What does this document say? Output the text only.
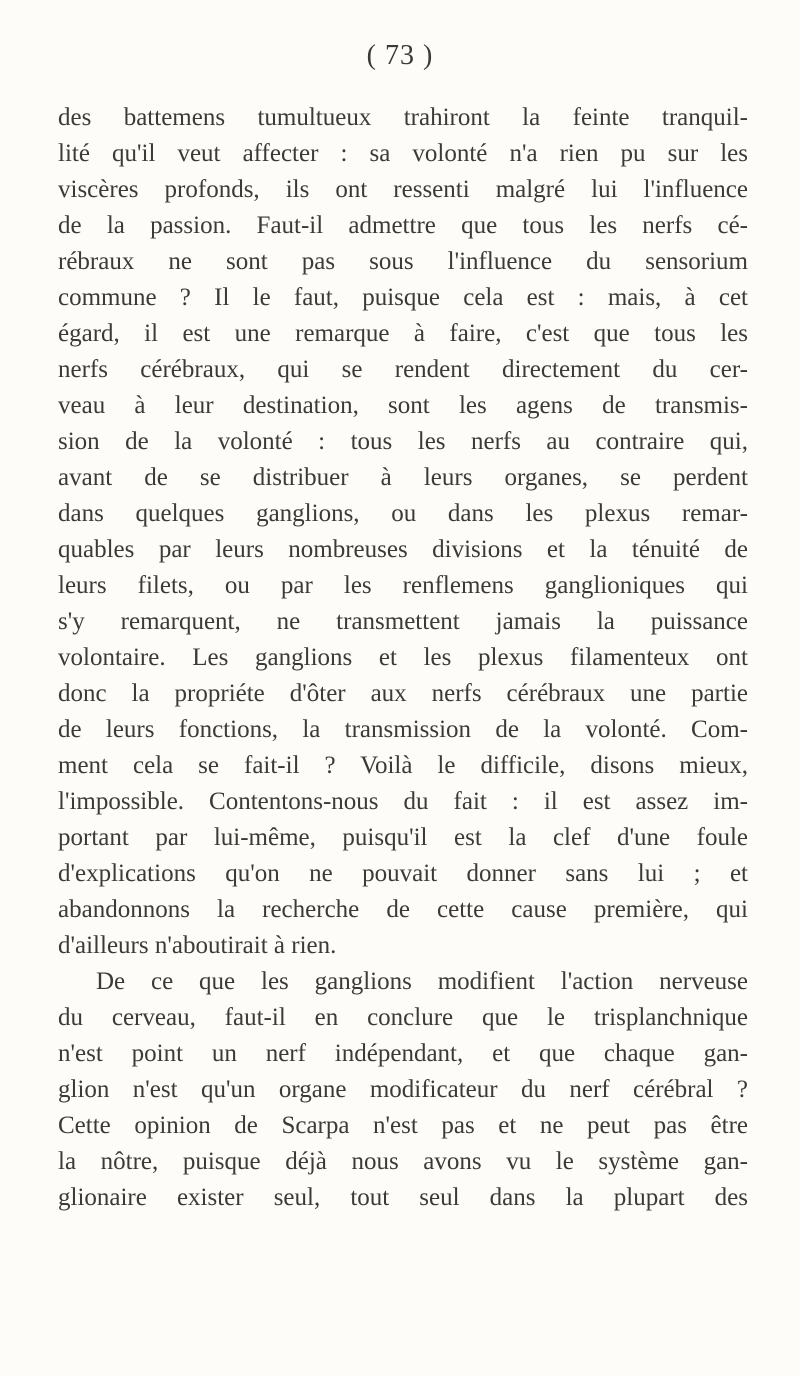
( 73 )
des battemens tumultueux trahiront la feinte tranquil-
lité qu'il veut affecter : sa volonté n'a rien pu sur les
viscères profonds, ils ont ressenti malgré lui l'influence
de la passion. Faut-il admettre que tous les nerfs cé-
rébraux ne sont pas sous l'influence du sensorium
commune ? Il le faut, puisque cela est : mais, à cet
égard, il est une remarque à faire, c'est que tous les
nerfs cérébraux, qui se rendent directement du cer-
veau à leur destination, sont les agens de transmis-
sion de la volonté : tous les nerfs au contraire qui,
avant de se distribuer à leurs organes, se perdent
dans quelques ganglions, ou dans les plexus remar-
quables par leurs nombreuses divisions et la ténuité de
leurs filets, ou par les renflemens ganglioniques qui
s'y remarquent, ne transmettent jamais la puissance
volontaire. Les ganglions et les plexus filamenteux ont
donc la propriéte d'ôter aux nerfs cérébraux une partie
de leurs fonctions, la transmission de la volonté. Com-
ment cela se fait-il ? Voilà le difficile, disons mieux,
l'impossible. Contentons-nous du fait : il est assez im-
portant par lui-même, puisqu'il est la clef d'une foule
d'explications qu'on ne pouvait donner sans lui ; et
abandonnons la recherche de cette cause première, qui
d'ailleurs n'aboutirait à rien.
De ce que les ganglions modifient l'action nerveuse
du cerveau, faut-il en conclure que le trisplanchnique
n'est point un nerf indépendant, et que chaque gan-
glion n'est qu'un organe modificateur du nerf cérébral ?
Cette opinion de Scarpa n'est pas et ne peut pas être
la nôtre, puisque déjà nous avons vu le système gan-
glionaire exister seul, tout seul dans la plupart des
